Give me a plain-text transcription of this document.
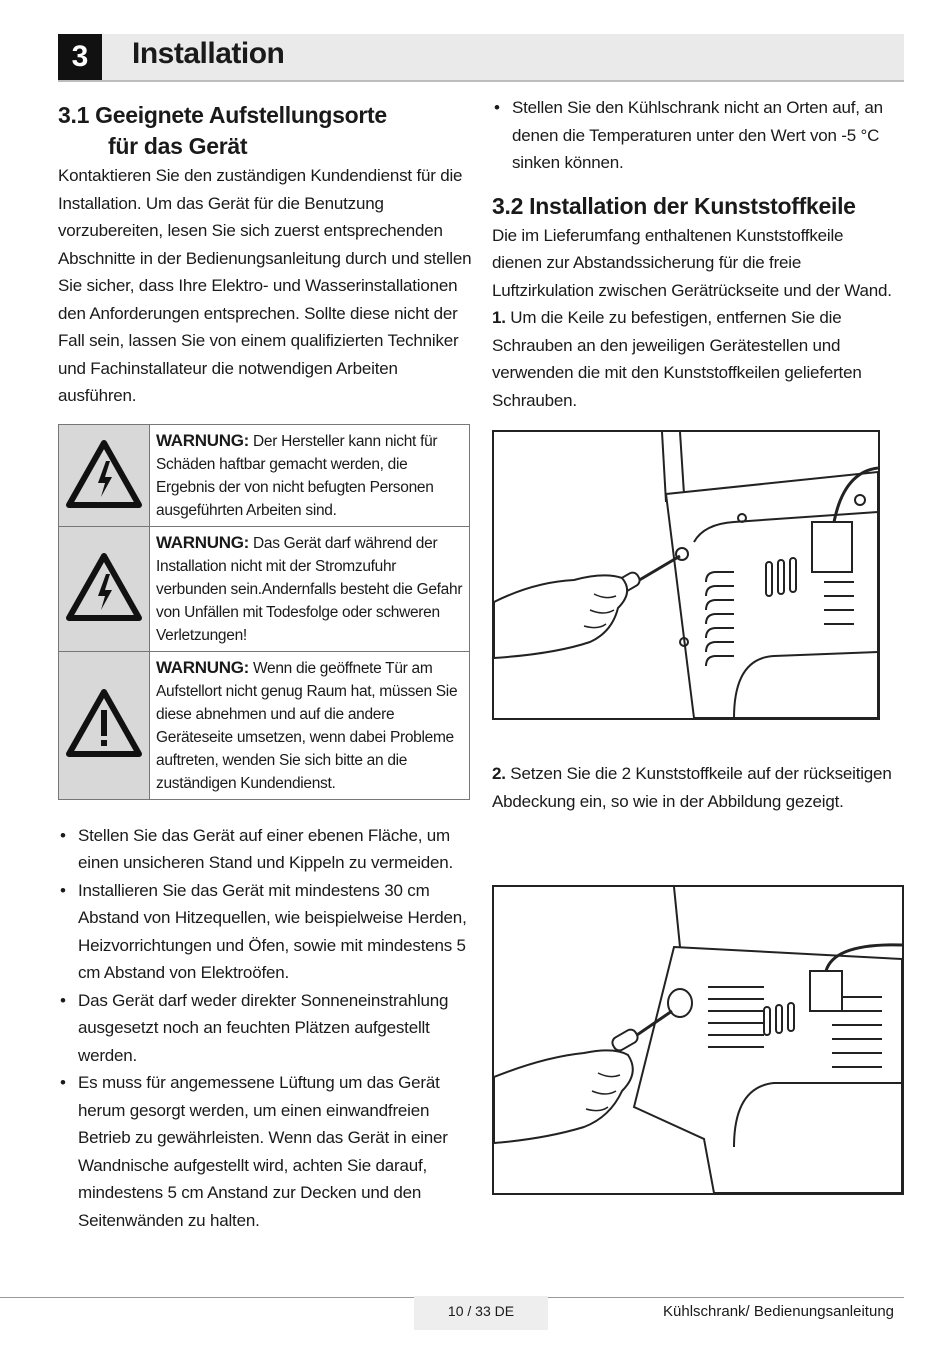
3	Installation
3.1 Geeignete Aufstellungsorte
für das Gerät

Kontaktieren Sie den zuständigen Kundendienst für die Installation. Um das Gerät für die Benutzung vorzubereiten, lesen Sie sich zuerst entsprechenden Abschnitte in der Bedienungsanleitung durch und stellen Sie sicher, dass Ihre Elektro- und Wasserinstallationen den Anforderungen entsprechen. Sollte diese nicht der Fall sein, lassen Sie von einem qualifizierten Techniker und Fachinstallateur die notwendigen Arbeiten ausführen.

	WARNUNG: Der Hersteller kann nicht für Schäden haftbar gemacht werden, die Ergebnis der von nicht befugten Personen ausgeführten Arbeiten sind.

	WARNUNG: Das Gerät darf während der Installation nicht mit der Stromzufuhr verbunden sein.Andernfalls besteht die Gefahr von Unfällen mit Todesfolge oder schweren Verletzungen!

	WARNUNG: Wenn die geöffnete Tür am Aufstellort nicht genug Raum hat, müssen Sie diese abnehmen und auf die andere Geräteseite umsetzen, wenn dabei Probleme auftreten, wenden Sie sich bitte an die zuständigen Kundendienst.
• Stellen Sie das Gerät auf einer ebenen Fläche, um einen unsicheren Stand und Kippeln zu vermeiden.
• Installieren Sie das Gerät mit mindestens 30 cm Abstand von Hitzequellen, wie beispielweise Herden, Heizvorrichtungen und Öfen, sowie mit mindestens 5 cm Abstand von Elektroöfen.
• Das Gerät darf weder direkter Sonneneinstrahlung ausgesetzt noch an feuchten Plätzen aufgestellt werden.
• Es muss für angemessene Lüftung um das Gerät herum gesorgt werden, um einen einwandfreien Betrieb zu gewährleisten. Wenn das Gerät in einer Wandnische aufgestellt wird, achten Sie darauf, mindestens 5 cm Anstand zur Decken und den Seitenwänden zu halten.
• Stellen Sie den Kühlschrank nicht an Orten auf, an denen die Temperaturen unter den Wert von -5 °C sinken können.
3.2 Installation der Kunststoffkeile

Die im Lieferumfang enthaltenen Kunststoffkeile dienen zur Abstandssicherung für die freie Luftzirkulation zwischen Gerätrückseite und der Wand.

1. Um die Keile zu befestigen, entfernen Sie die Schrauben an den jeweiligen Gerätestellen und verwenden die mit den Kunststoffkeilen gelieferten Schrauben.

2. Setzen Sie die 2 Kunststoffkeile auf der rückseitigen Abdeckung ein, so wie in der Abbildung gezeigt.

10 / 33 DE	Kühlschrank/ Bedienungsanleitung
